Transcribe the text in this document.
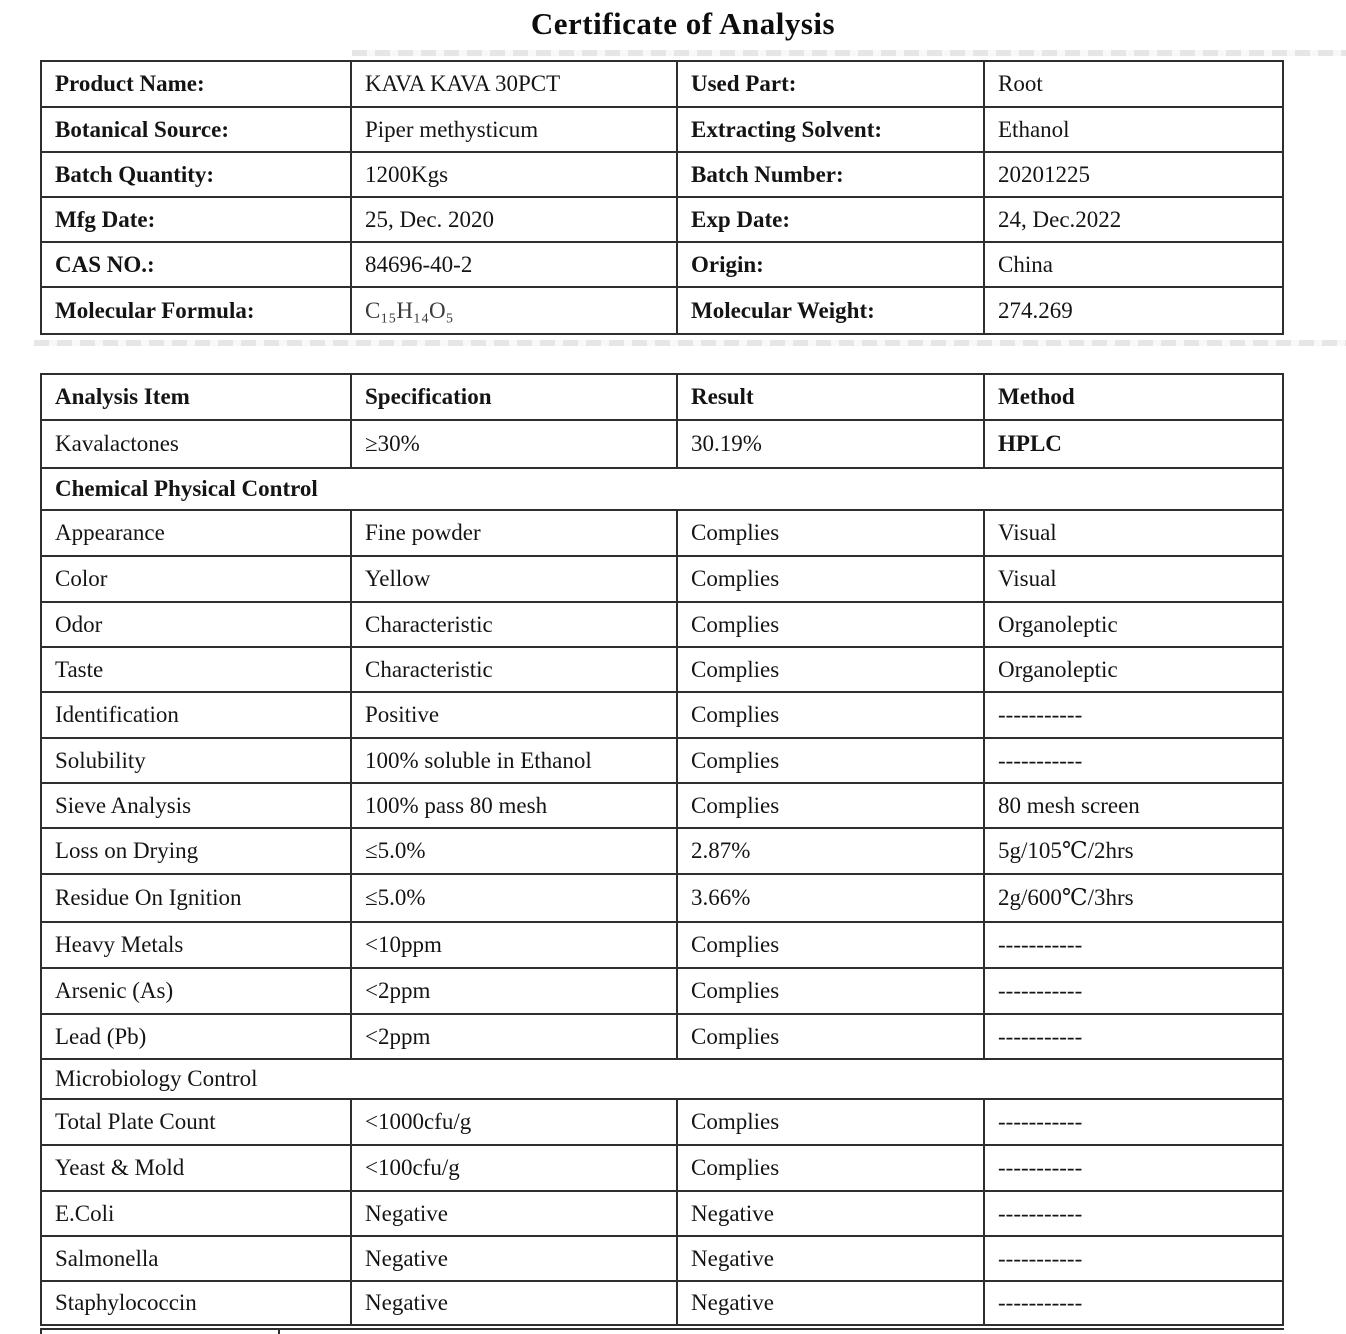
Certificate of Analysis
Product Name:	KAVA KAVA 30PCT	Used Part:	Root
Botanical Source:	Piper methysticum	Extracting Solvent:	Ethanol
Batch Quantity:	1200Kgs	Batch Number:	20201225
Mfg Date:	25, Dec. 2020	Exp Date:	24, Dec.2022
CAS NO.:	84696-40-2	Origin:	China
Molecular Formula:	C₁₅H₁₄O₅	Molecular Weight:	274.269
Analysis Item	Specification	Result	Method
Kavalactones	≥30%	30.19%	HPLC
Chemical Physical Control			
Appearance	Fine powder	Complies	Visual
Color	Yellow	Complies	Visual
Odor	Characteristic	Complies	Organoleptic
Taste	Characteristic	Complies	Organoleptic
Identification	Positive	Complies	-----------
Solubility	100% soluble in Ethanol	Complies	-----------
Sieve Analysis	100% pass 80 mesh	Complies	80 mesh screen
Loss on Drying	≤5.0%	2.87%	5g/105℃/2hrs
Residue On Ignition	≤5.0%	3.66%	2g/600℃/3hrs
Heavy Metals	<10ppm	Complies	-----------
Arsenic (As)	<2ppm	Complies	-----------
Lead (Pb)	<2ppm	Complies	-----------
Microbiology Control			
Total Plate Count	<1000cfu/g	Complies	-----------
Yeast & Mold	<100cfu/g	Complies	-----------
E.Coli	Negative	Negative	-----------
Salmonella	Negative	Negative	-----------
Staphylococcin	Negative	Negative	-----------
